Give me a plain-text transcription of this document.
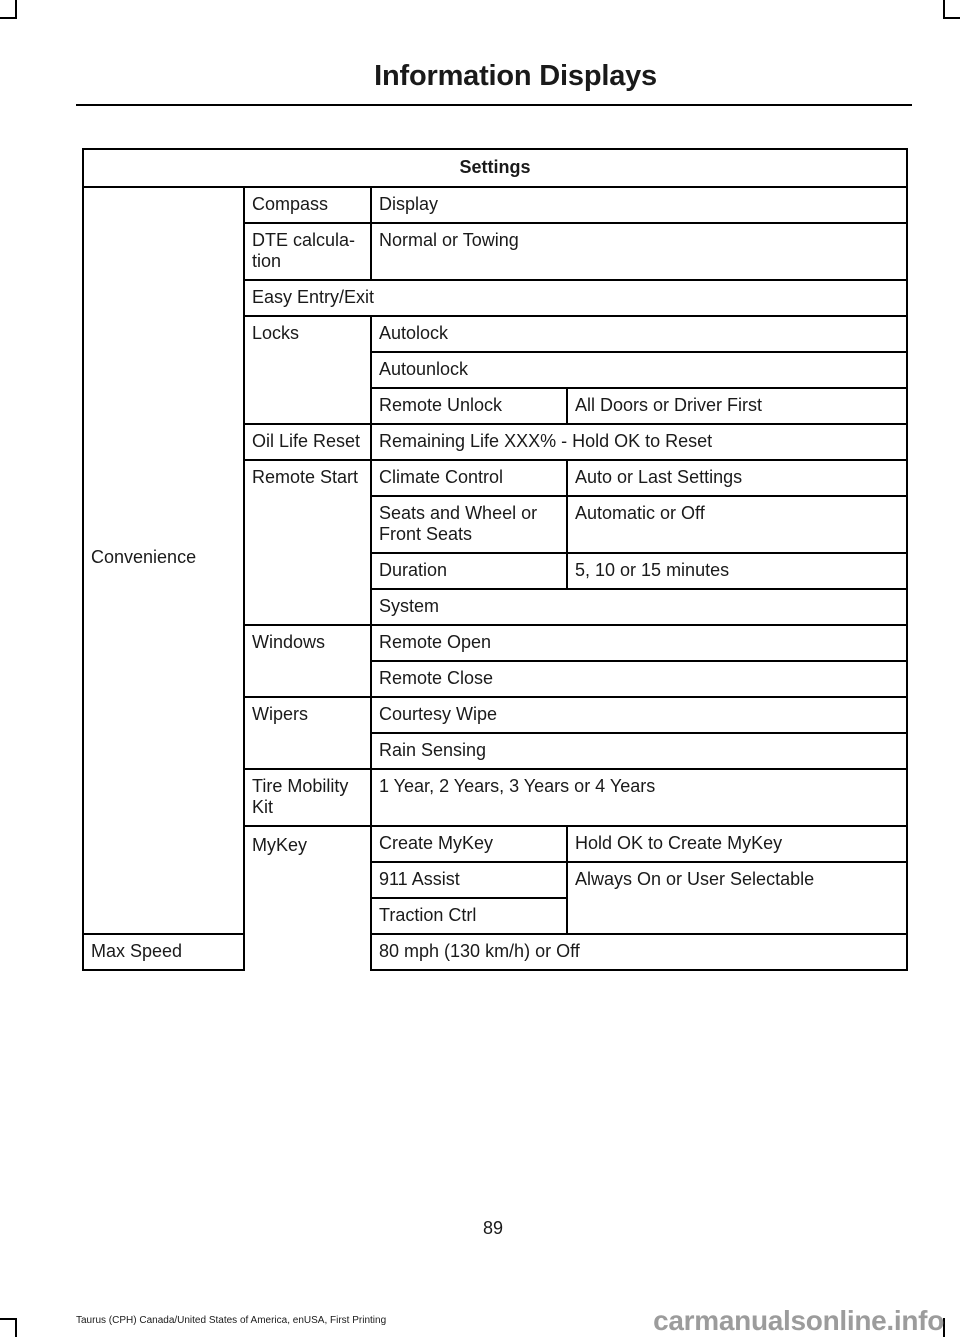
Information Displays
Settings			

Convenience	Compass	Display	
	DTE calcula-tion	Normal or Towing	
	Easy Entry/Exit		
	Locks	Autolock	
		Autounlock	
		Remote Unlock	All Doors or Driver First
	Oil Life Reset	Remaining Life XXX% - Hold OK to Reset	
	Remote Start	Climate Control	Auto or Last Settings
		Seats and Wheel or Front Seats	Automatic or Off
		Duration	5, 10 or 15 minutes
		System	
	Windows	Remote Open	
		Remote Close	
	Wipers	Courtesy Wipe	
		Rain Sensing	
	Tire Mobility Kit	1 Year, 2 Years, 3 Years or 4 Years	

	MyKey	Create MyKey	Hold OK to Create MyKey
		911 Assist	Always On or User Selectable
		Traction Ctrl	
Max Speed		80 mph (130 km/h) or Off	
89
Taurus (CPH) Canada/United States of America, enUSA, First Printing	carmanualsonline.info
